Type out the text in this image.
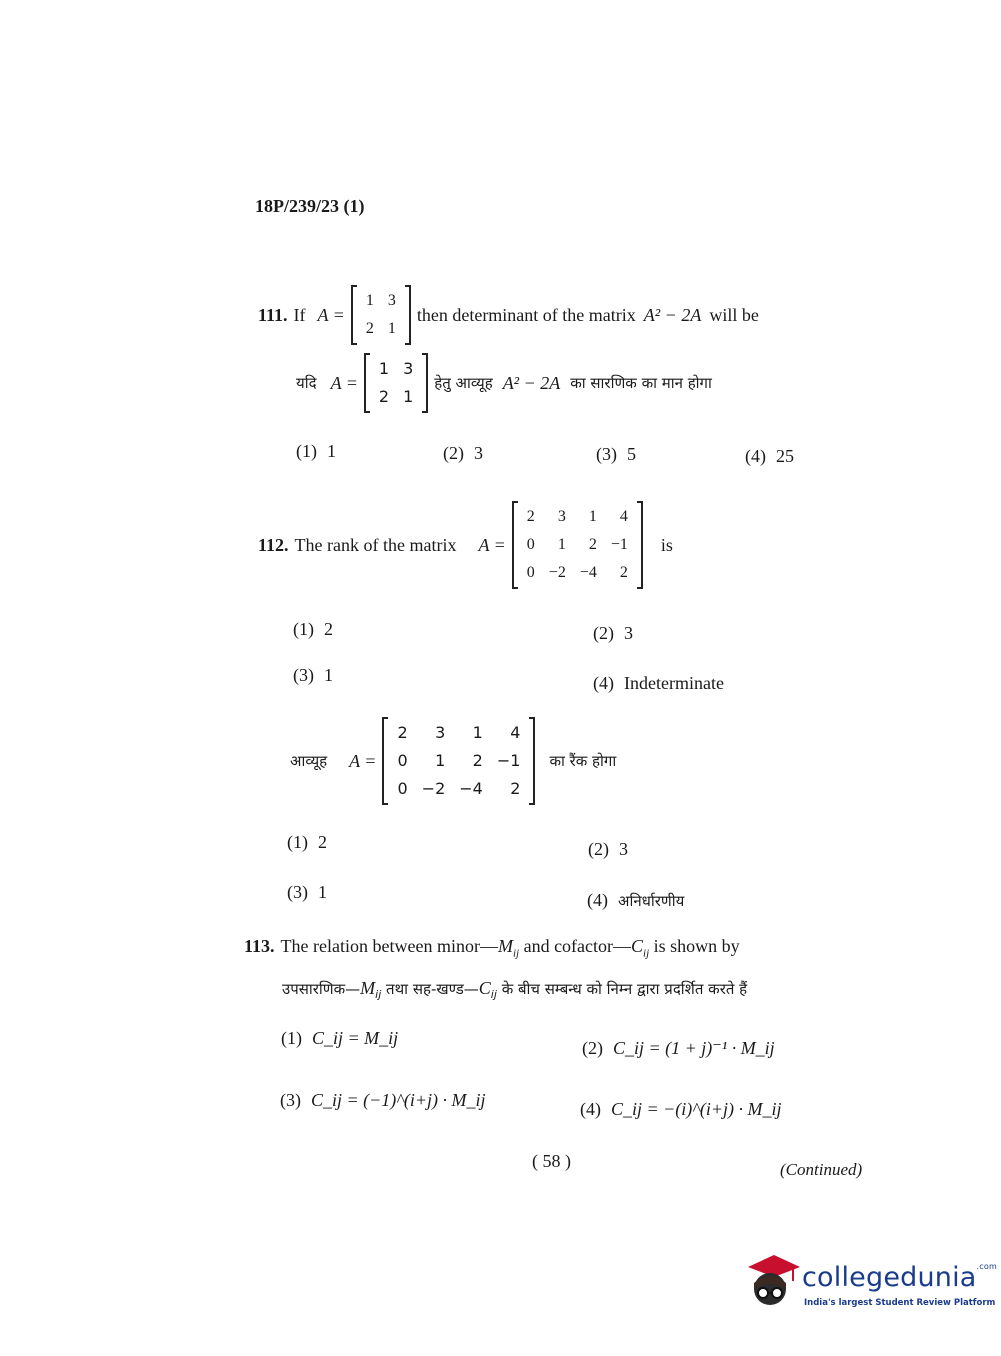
18P/239/23 (1)
111. If A =
1	3
2	1
then determinant of the matrix A² − 2A will be
यदि A =
1	3
2	1
हेतु आव्यूह A² − 2A का सारणिक का मान होगा
(1) 1	(2) 3	(3) 5	(4) 25
112. The rank of the matrix A =
2	3	1	4
0	1	2	−1
0	−2	−4	2
is
(1) 2	(2) 3
(3) 1	(4) Indeterminate
आव्यूह A =
2	3	1	4
0	1	2	−1
0	−2	−4	2
का रैंक होगा
(1) 2	(2) 3
(3) 1	(4) अनिर्धारणीय
113. The relation between $minor—M_{ij}$ and $cofactor—C_{ij}$ is shown by
$उपसारणिक—M_{ij}$ तथा $सह-खण्ड—C_{ij}$ के बीच सम्बन्ध को निम्न द्वारा प्रदर्शित करते हैं
(1) C_ij = M_ij	(2) C_ij = (1 + j)⁻¹ · M_ij
(3) C_ij = (−1)^(i+j) · M_ij	(4) C_ij = −(i)^(i+j) · M_ij
( 58 )	(Continued)
collegedunia$^{.com}$
India's largest Student Review Platform
